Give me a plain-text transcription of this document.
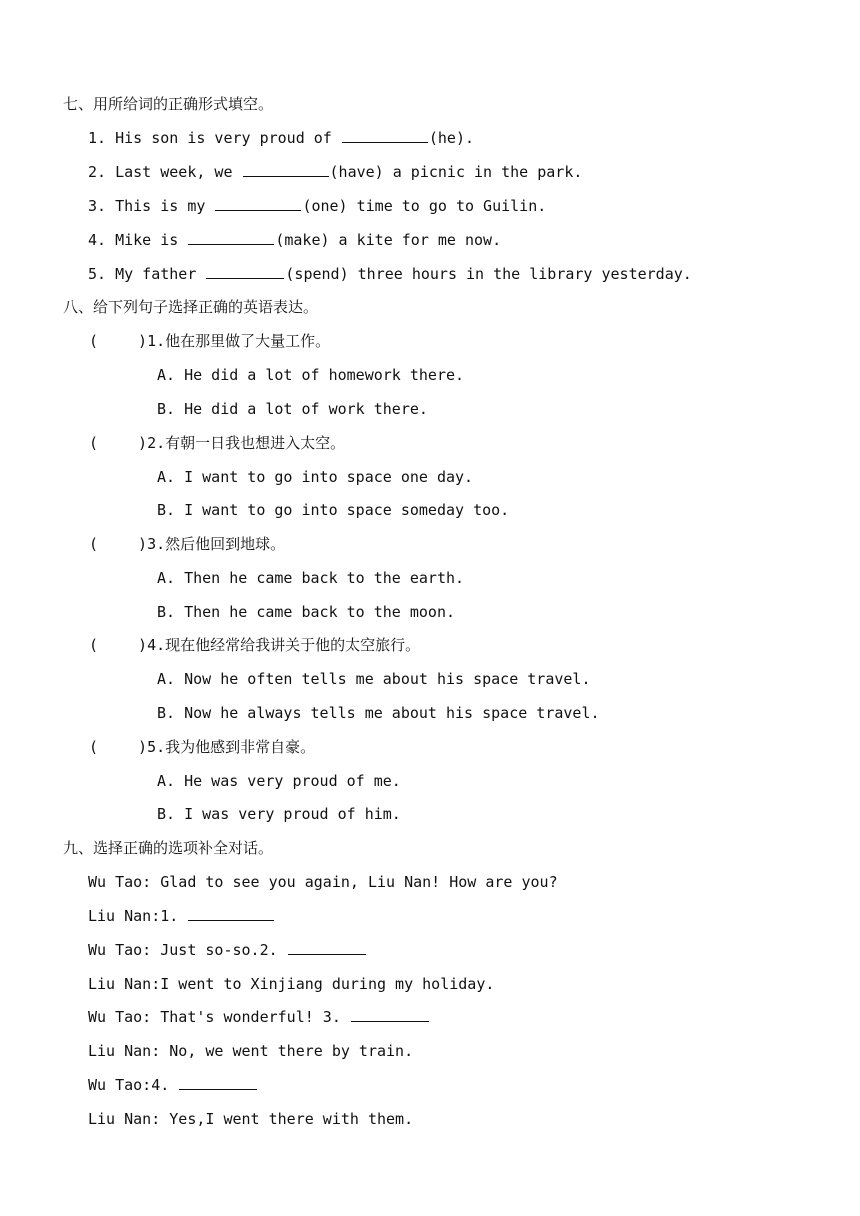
七、用所给词的正确形式填空。
1. His son is very proud of	(he).
2. Last week, we	(have) a picnic in the park.
3. This is my	(one) time to go to Guilin.
4. Mike is	(make) a kite for me now.
5. My father	(spend) three hours in the library yesterday.
八、给下列句子选择正确的英语表达。
(	)1.他在那里做了大量工作。
A. He did a lot of homework there.
B. He did a lot of work there.
(	)2.有朝一日我也想进入太空。
A. I want to go into space one day.
B. I want to go into space someday too.
(	)3.然后他回到地球。
A. Then he came back to the earth.
B. Then he came back to the moon.
(	)4.现在他经常给我讲关于他的太空旅行。
A. Now he often tells me about his space travel.
B. Now he always tells me about his space travel.
(	)5.我为他感到非常自豪。
A. He was very proud of me.
B. I was very proud of him.
九、选择正确的选项补全对话。
Wu Tao: Glad to see you again, Liu Nan! How are you?
Liu Nan:1.
Wu Tao: Just so-so.2.
Liu Nan:I went to Xinjiang during my holiday.
Wu Tao: That's wonderful! 3.
Liu Nan: No, we went there by train.
Wu Tao:4.
Liu Nan: Yes,I went there with them.
